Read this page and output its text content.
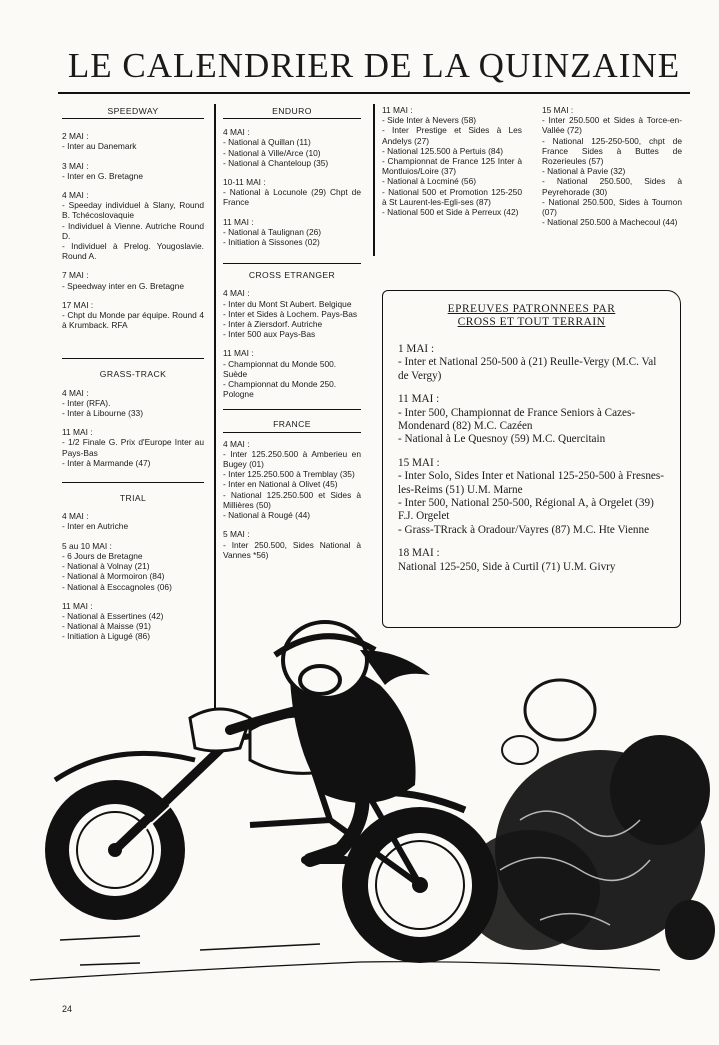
LE CALENDRIER DE LA QUINZAINE
SPEEDWAY

2 MAI :

- Inter au Danemark

3 MAI :

- Inter en G. Bretagne

4 MAI :

- Speeday individuel à Slany, Round B. Tchécoslovaquie
- Individuel à Vienne. Autriche Round D.
- Individuel à Prelog. Yougoslavie. Round A.

7 MAI :

- Speedway inter en G. Bretagne

17 MAI :

- Chpt du Monde par équipe. Round 4 à Krumback. RFA

GRASS-TRACK

4 MAI :

- Inter (RFA).
- Inter à Libourne (33)

11 MAI :

- 1/2 Finale G. Prix d'Europe Inter au Pays-Bas
- Inter à Marmande (47)

TRIAL

4 MAI :

- Inter en Autriche

5 au 10 MAI :

- 6 Jours de Bretagne
- National à Volnay (21)
- National à Mormoiron (84)
- National à Esccagnoles (06)

11 MAI :

- National à Essertines (42)
- National à Maisse (91)
- Initiation à Ligugé (86)

ENDURO

4 MAI :

- National à Quillan (11)
- National à Ville/Arce (10)
- National à Chanteloup (35)

10-11 MAI :

- National à Locunole (29) Chpt de France

11 MAI :

- National à Taulignan (26)
- Initiation à Sissones (02)

CROSS ETRANGER

4 MAI :

- Inter du Mont St Aubert. Belgique
- Inter et Sides à Lochem. Pays-Bas
- Inter à Ziersdorf. Autriche
- Inter 500 aux Pays-Bas

11 MAI :

- Championnat du Monde 500. Suède
- Championnat du Monde 250. Pologne

FRANCE

4 MAI :

- Inter 125.250.500 à Amberieu en Bugey (01)
- Inter 125.250.500 à Tremblay (35)
- Inter en National à Olivet (45)
- National 125.250.500 et Sides à Millières (50)
- National à Rougé (44)

5 MAI :

- Inter 250.500, Sides National à Vannes *56)

11 MAI :

- Side Inter à Nevers (58)
- Inter Prestige et Sides à Les Andelys (27)
- National 125.500 à Pertuis (84)
- Championnat de France 125 Inter à Montluios/Loire (37)
- National à Locminé (56)
- National 500 et Promotion 125-250 à St Laurent-les-Egli-ses (87)
- National 500 et Side à Perreux (42)

15 MAI :

- Inter 250.500 et Sides à Torce-en-Vallée (72)
- National 125-250-500, chpt de France Sides à Buttes de Rozerieules (57)
- National à Pavie (32)
- National 250.500, Sides à Peyrehorade (30)
- National 250.500, Sides à Tournon (07)
- National 250.500 à Machecoul (44)

EPREUVES PATRONNEES PAR
CROSS ET TOUT TERRAIN

1 MAI :

- Inter et National 250-500 à (21) Reulle-Vergy (M.C. Val de Vergy)

11 MAI :

- Inter 500, Championnat de France Seniors à Cazes-Mondenard (82) M.C. Cazéen
- National à Le Quesnoy (59) M.C. Quercitain

15 MAI :

- Inter Solo, Sides Inter et National 125-250-500 à Fresnes-les-Reims (51) U.M. Marne
- Inter 500, National 250-500, Régional A, à Orgelet (39) F.J. Orgelet
- Grass-TRrack à Oradour/Vayres (87) M.C. Hte Vienne

18 MAI :

National 125-250, Side à Curtil (71) U.M. Givry

24
